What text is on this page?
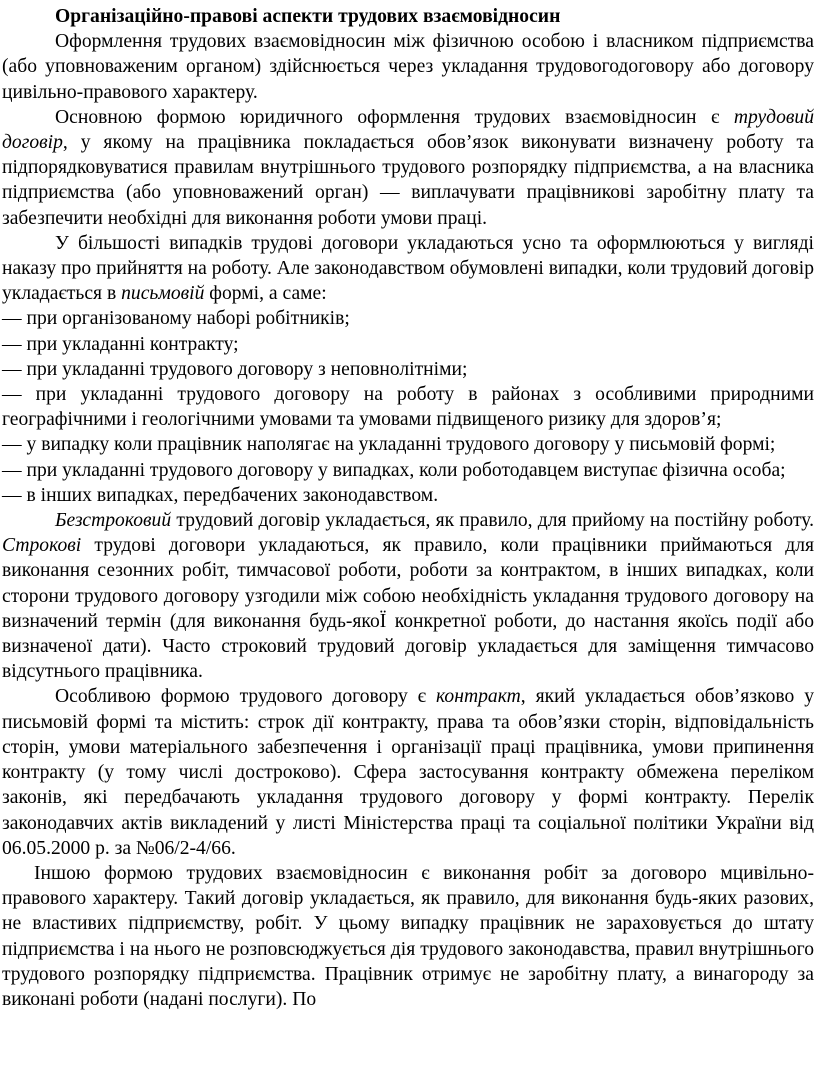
Організаційно-правові аспекти трудових взаємовідносин

Оформлення трудових взаємовідносин між фізичною особою і власником підприємства (або уповноваженим органом) здійснюється через укладання трудовогодоговору або договору цивільно-правового характеру.

Основною формою юридичного оформлення трудових взаємовідносин є трудовий договір, у якому на працівника покладається обов’язок виконувати визначену роботу та підпорядковуватися правилам внутрішнього трудового розпорядку підприємства, а на власника підприємства (або уповноважений орган) — виплачувати працівникові заробітну плату та забезпечити необхідні для виконання роботи умови праці.

У більшості випадків трудові договори укладаються усно та оформлюються у вигляді наказу про прийняття на роботу. Але законодавством обумовлені випадки, коли трудовий договір укладається в письмовій формі, а саме:

— при організованому наборі робітників;

— при укладанні контракту;

— при укладанні трудового договору з неповнолітніми;

— при укладанні трудового договору на роботу в районах з особливими природними географічними і геологічними умовами та умовами підвищеного ризику для здоров’я;

— у випадку коли працівник наполягає на укладанні трудового договору у письмовій формі;

— при укладанні трудового договору у випадках, коли роботодавцем виступає фізична особа;

— в інших випадках, передбачених законодавством.

Безстроковий трудовий договір укладається, як правило, для прийому на постійну роботу. Строкові трудові договори укладаються, як правило, коли працівники приймаються для виконання сезонних робіт, тимчасової роботи, роботи за контрактом, в інших випадках, коли сторони трудового договору узгодили між собою необхідність укладання трудового договору на визначений термін (для виконання будь-якоЇ конкретної роботи, до настання якоїсь події або визначеної дати). Часто строковий трудовий договір укладається для заміщення тимчасово відсутнього працівника.

Особливою формою трудового договору є контракт, який укладається обов’язково у письмовій формі та містить: строк дії контракту, права та обов’язки сторін, відповідальність сторін, умови матеріального забезпечення і організації праці працівника, умови припинення контракту (у тому числі достроково). Сфера застосування контракту обмежена переліком законів, які передбачають укладання трудового договору у формі контракту. Перелік законодавчих актів викладений у листі Міністерства праці та соціальної політики України від 06.05.2000 р. за №06/2-4/66.

Іншою формою трудових взаємовідносин є виконання робіт за договоро мцивільно-правового характеру. Такий договір укладається, як правило, для виконання будь-яких разових, не властивих підприємству, робіт. У цьому випадку працівник не зараховується до штату підприємства і на нього не розповсюджується дія трудового законодавства, правил внутрішнього трудового розпорядку підприємства. Працівник отримує не заробітну плату, а винагороду за виконані роботи (надані послуги). По
